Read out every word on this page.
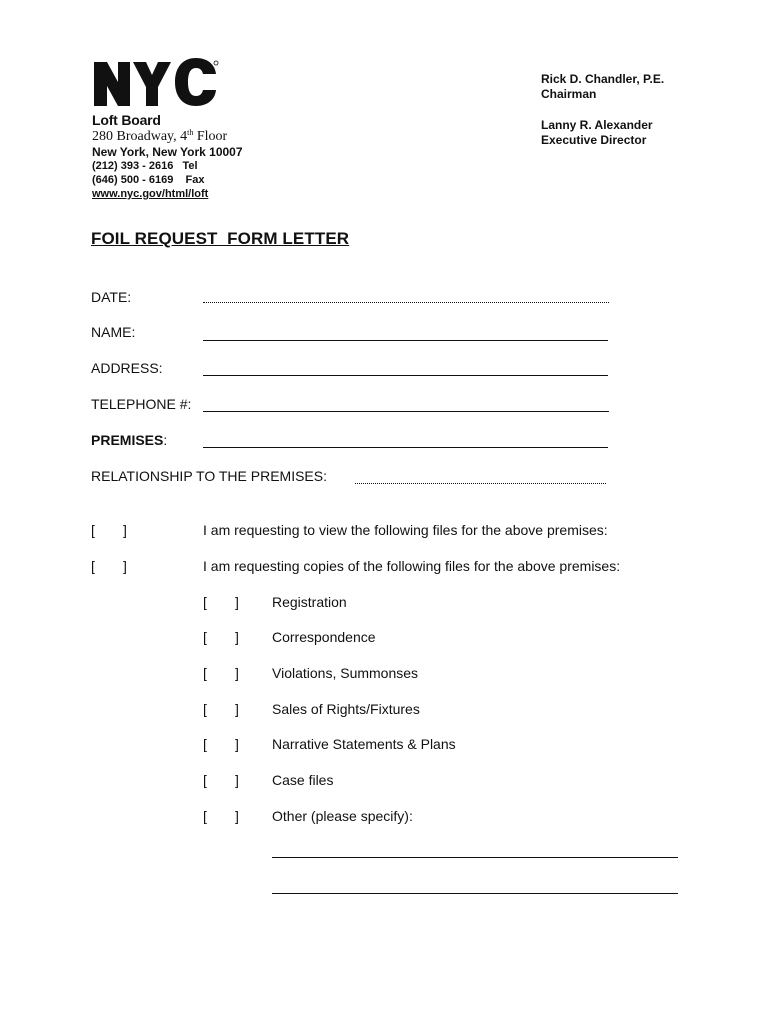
Loft Board
280 Broadway, 4th Floor
New York, New York 10007
(212) 393 - 2616   Tel
(646) 500 - 6169    Fax
www.nyc.gov/html/loft
Rick D. Chandler, P.E.
Chairman
Lanny R. Alexander
Executive Director
FOIL REQUEST  FORM LETTER
DATE:
NAME:
ADDRESS:
TELEPHONE #:
PREMISES:
RELATIONSHIP TO THE PREMISES:
[ ]	I am requesting to view the following files for the above premises:
[ ]	I am requesting copies of the following files for the above premises:
[ ] Registration
[ ] Correspondence
[ ] Violations, Summonses
[ ] Sales of Rights/Fixtures
[ ] Narrative Statements & Plans
[ ] Case files
[ ] Other (please specify):
